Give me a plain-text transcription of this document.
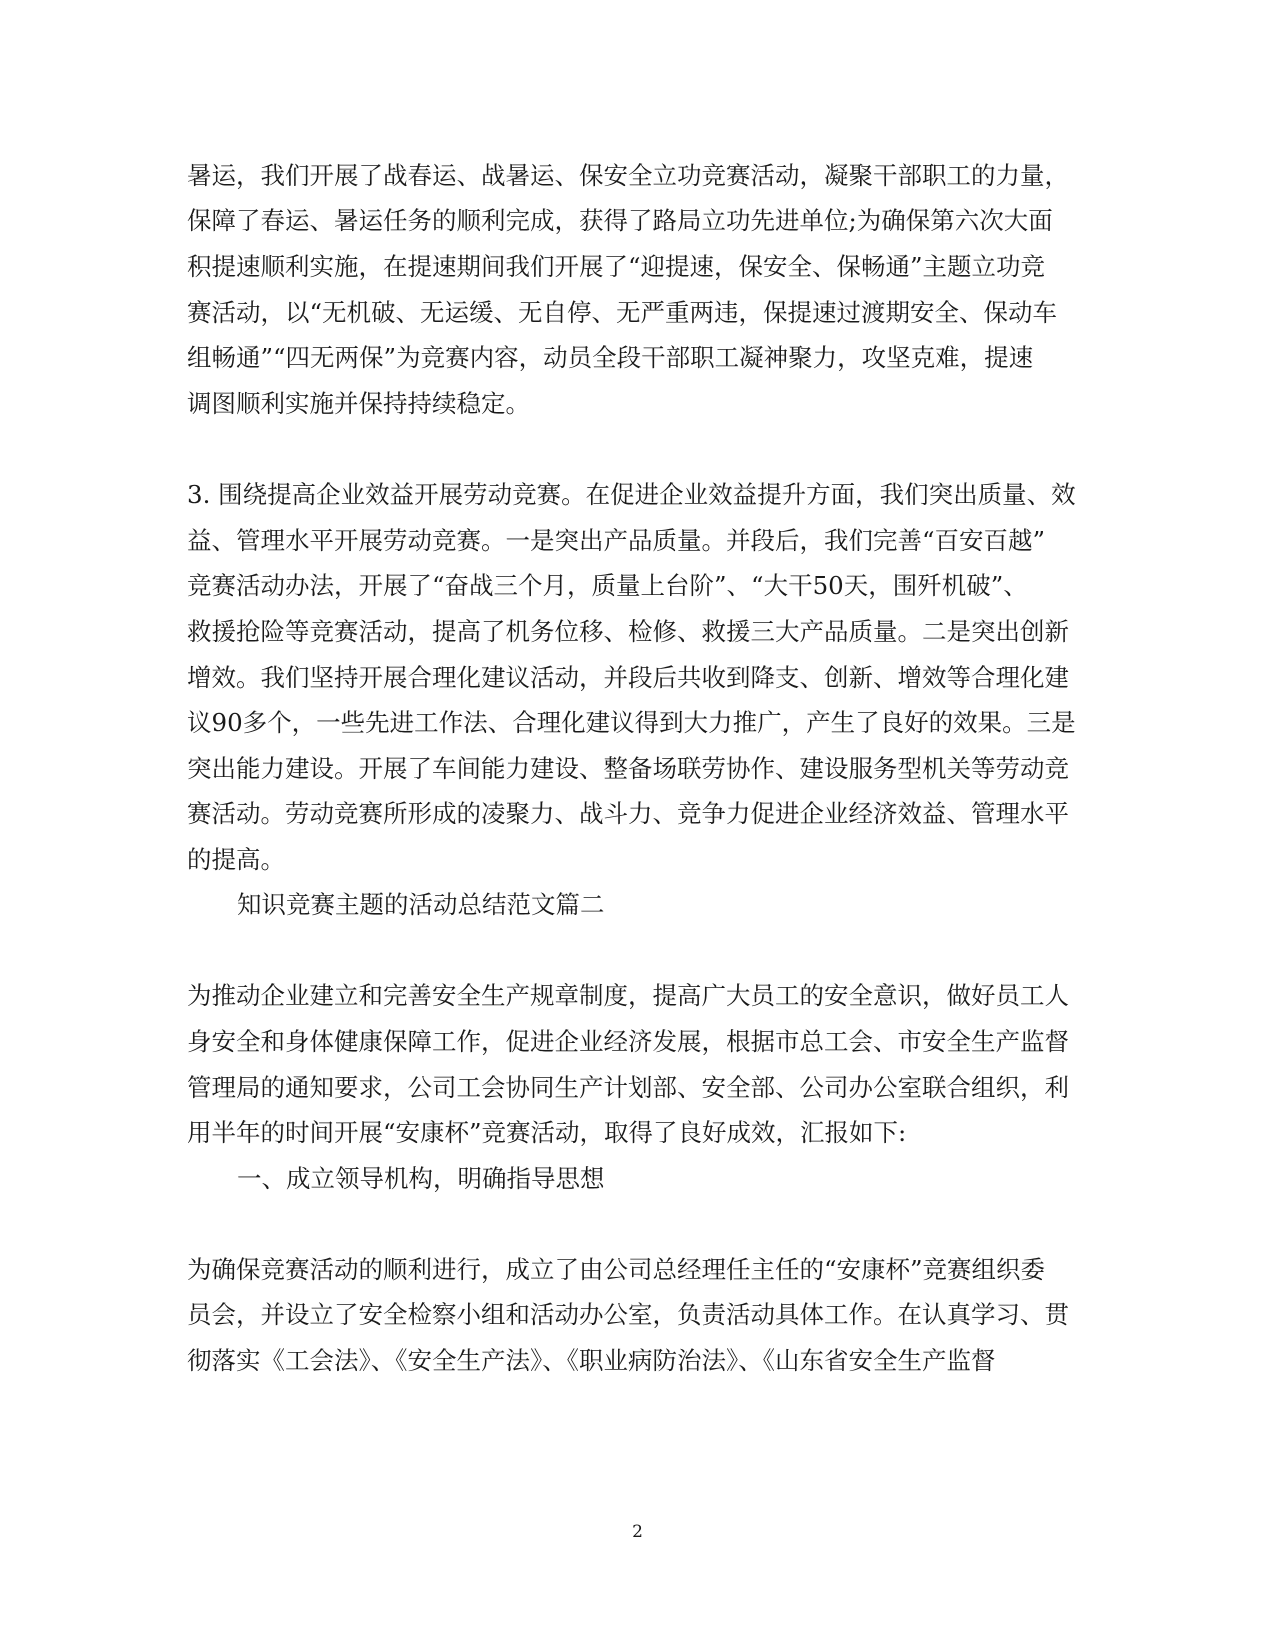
暑运，我们开展了战春运、战暑运、保安全立功竞赛活动，凝聚干部职工的力量，
保障了春运、暑运任务的顺利完成，获得了路局立功先进单位;为确保第六次大面
积提速顺利实施，在提速期间我们开展了“迎提速，保安全、保畅通”主题立功竞
赛活动，以“无机破、无运缓、无自停、无严重两违，保提速过渡期安全、保动车
组畅通”“四无两保”为竞赛内容，动员全段干部职工凝神聚力，攻坚克难，提速
调图顺利实施并保持持续稳定。
3. 围绕提高企业效益开展劳动竞赛。在促进企业效益提升方面，我们突出质量、效
益、管理水平开展劳动竞赛。一是突出产品质量。并段后，我们完善“百安百越”
竞赛活动办法，开展了“奋战三个月，质量上台阶”、“大干50天，围歼机破”、
救援抢险等竞赛活动，提高了机务位移、检修、救援三大产品质量。二是突出创新
增效。我们坚持开展合理化建议活动，并段后共收到降支、创新、增效等合理化建
议90多个，一些先进工作法、合理化建议得到大力推广，产生了良好的效果。三是
突出能力建设。开展了车间能力建设、整备场联劳协作、建设服务型机关等劳动竞
赛活动。劳动竞赛所形成的凌聚力、战斗力、竞争力促进企业经济效益、管理水平
的提高。
知识竞赛主题的活动总结范文篇二
为推动企业建立和完善安全生产规章制度，提高广大员工的安全意识，做好员工人
身安全和身体健康保障工作，促进企业经济发展，根据市总工会、市安全生产监督
管理局的通知要求，公司工会协同生产计划部、安全部、公司办公室联合组织，利
用半年的时间开展“安康杯”竞赛活动，取得了良好成效，汇报如下:
一、成立领导机构，明确指导思想
为确保竞赛活动的顺利进行，成立了由公司总经理任主任的“安康杯”竞赛组织委
员会，并设立了安全检察小组和活动办公室，负责活动具体工作。在认真学习、贯
彻落实《工会法》、《安全生产法》、《职业病防治法》、《山东省安全生产监督
2
